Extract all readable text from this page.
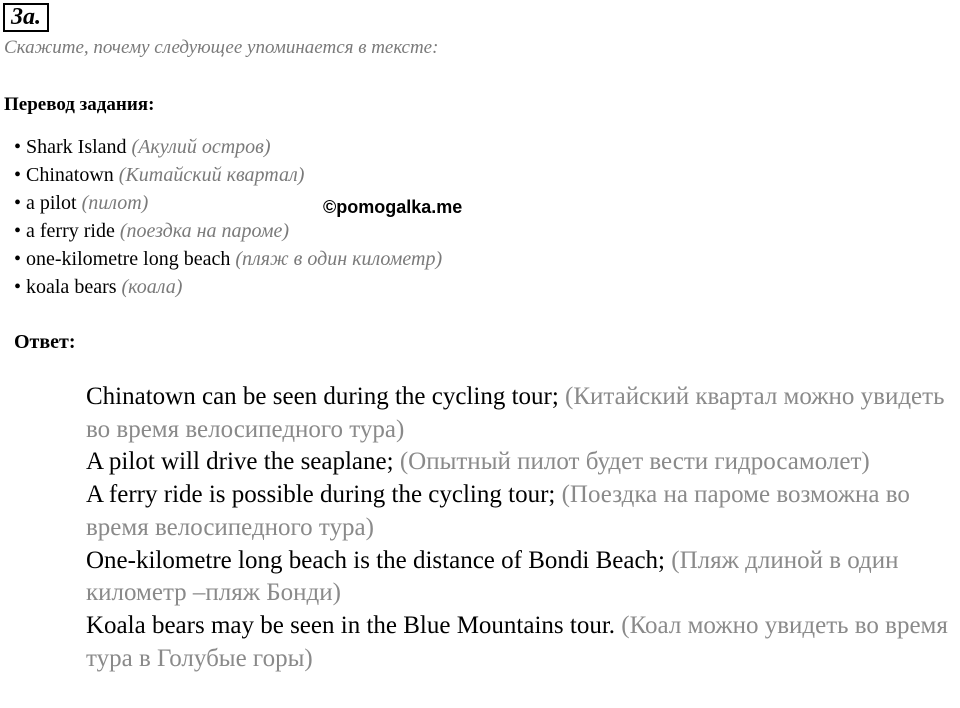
3a.
Скажите, почему следующее упоминается в тексте:
Перевод задания:
• Shark Island (Акулий остров)
• Chinatown (Китайский квартал)
• a pilot (пилот)
• a ferry ride (поездка на пароме)
• one-kilometre long beach (пляж в один километр)
• koala bears (коала)
©pomogalka.me
Ответ:

Chinatown can be seen during the cycling tour; (Китайский квартал можно увидеть во время велосипедного тура)

A pilot will drive the seaplane; (Опытный пилот будет вести гидросамолет)

A ferry ride is possible during the cycling tour; (Поездка на пароме возможна во время велосипедного тура)

One-kilometre long beach is the distance of Bondi Beach; (Пляж длиной в один километр –пляж Бонди)

Koala bears may be seen in the Blue Mountains tour. (Коал можно увидеть во время тура в Голубые горы)
